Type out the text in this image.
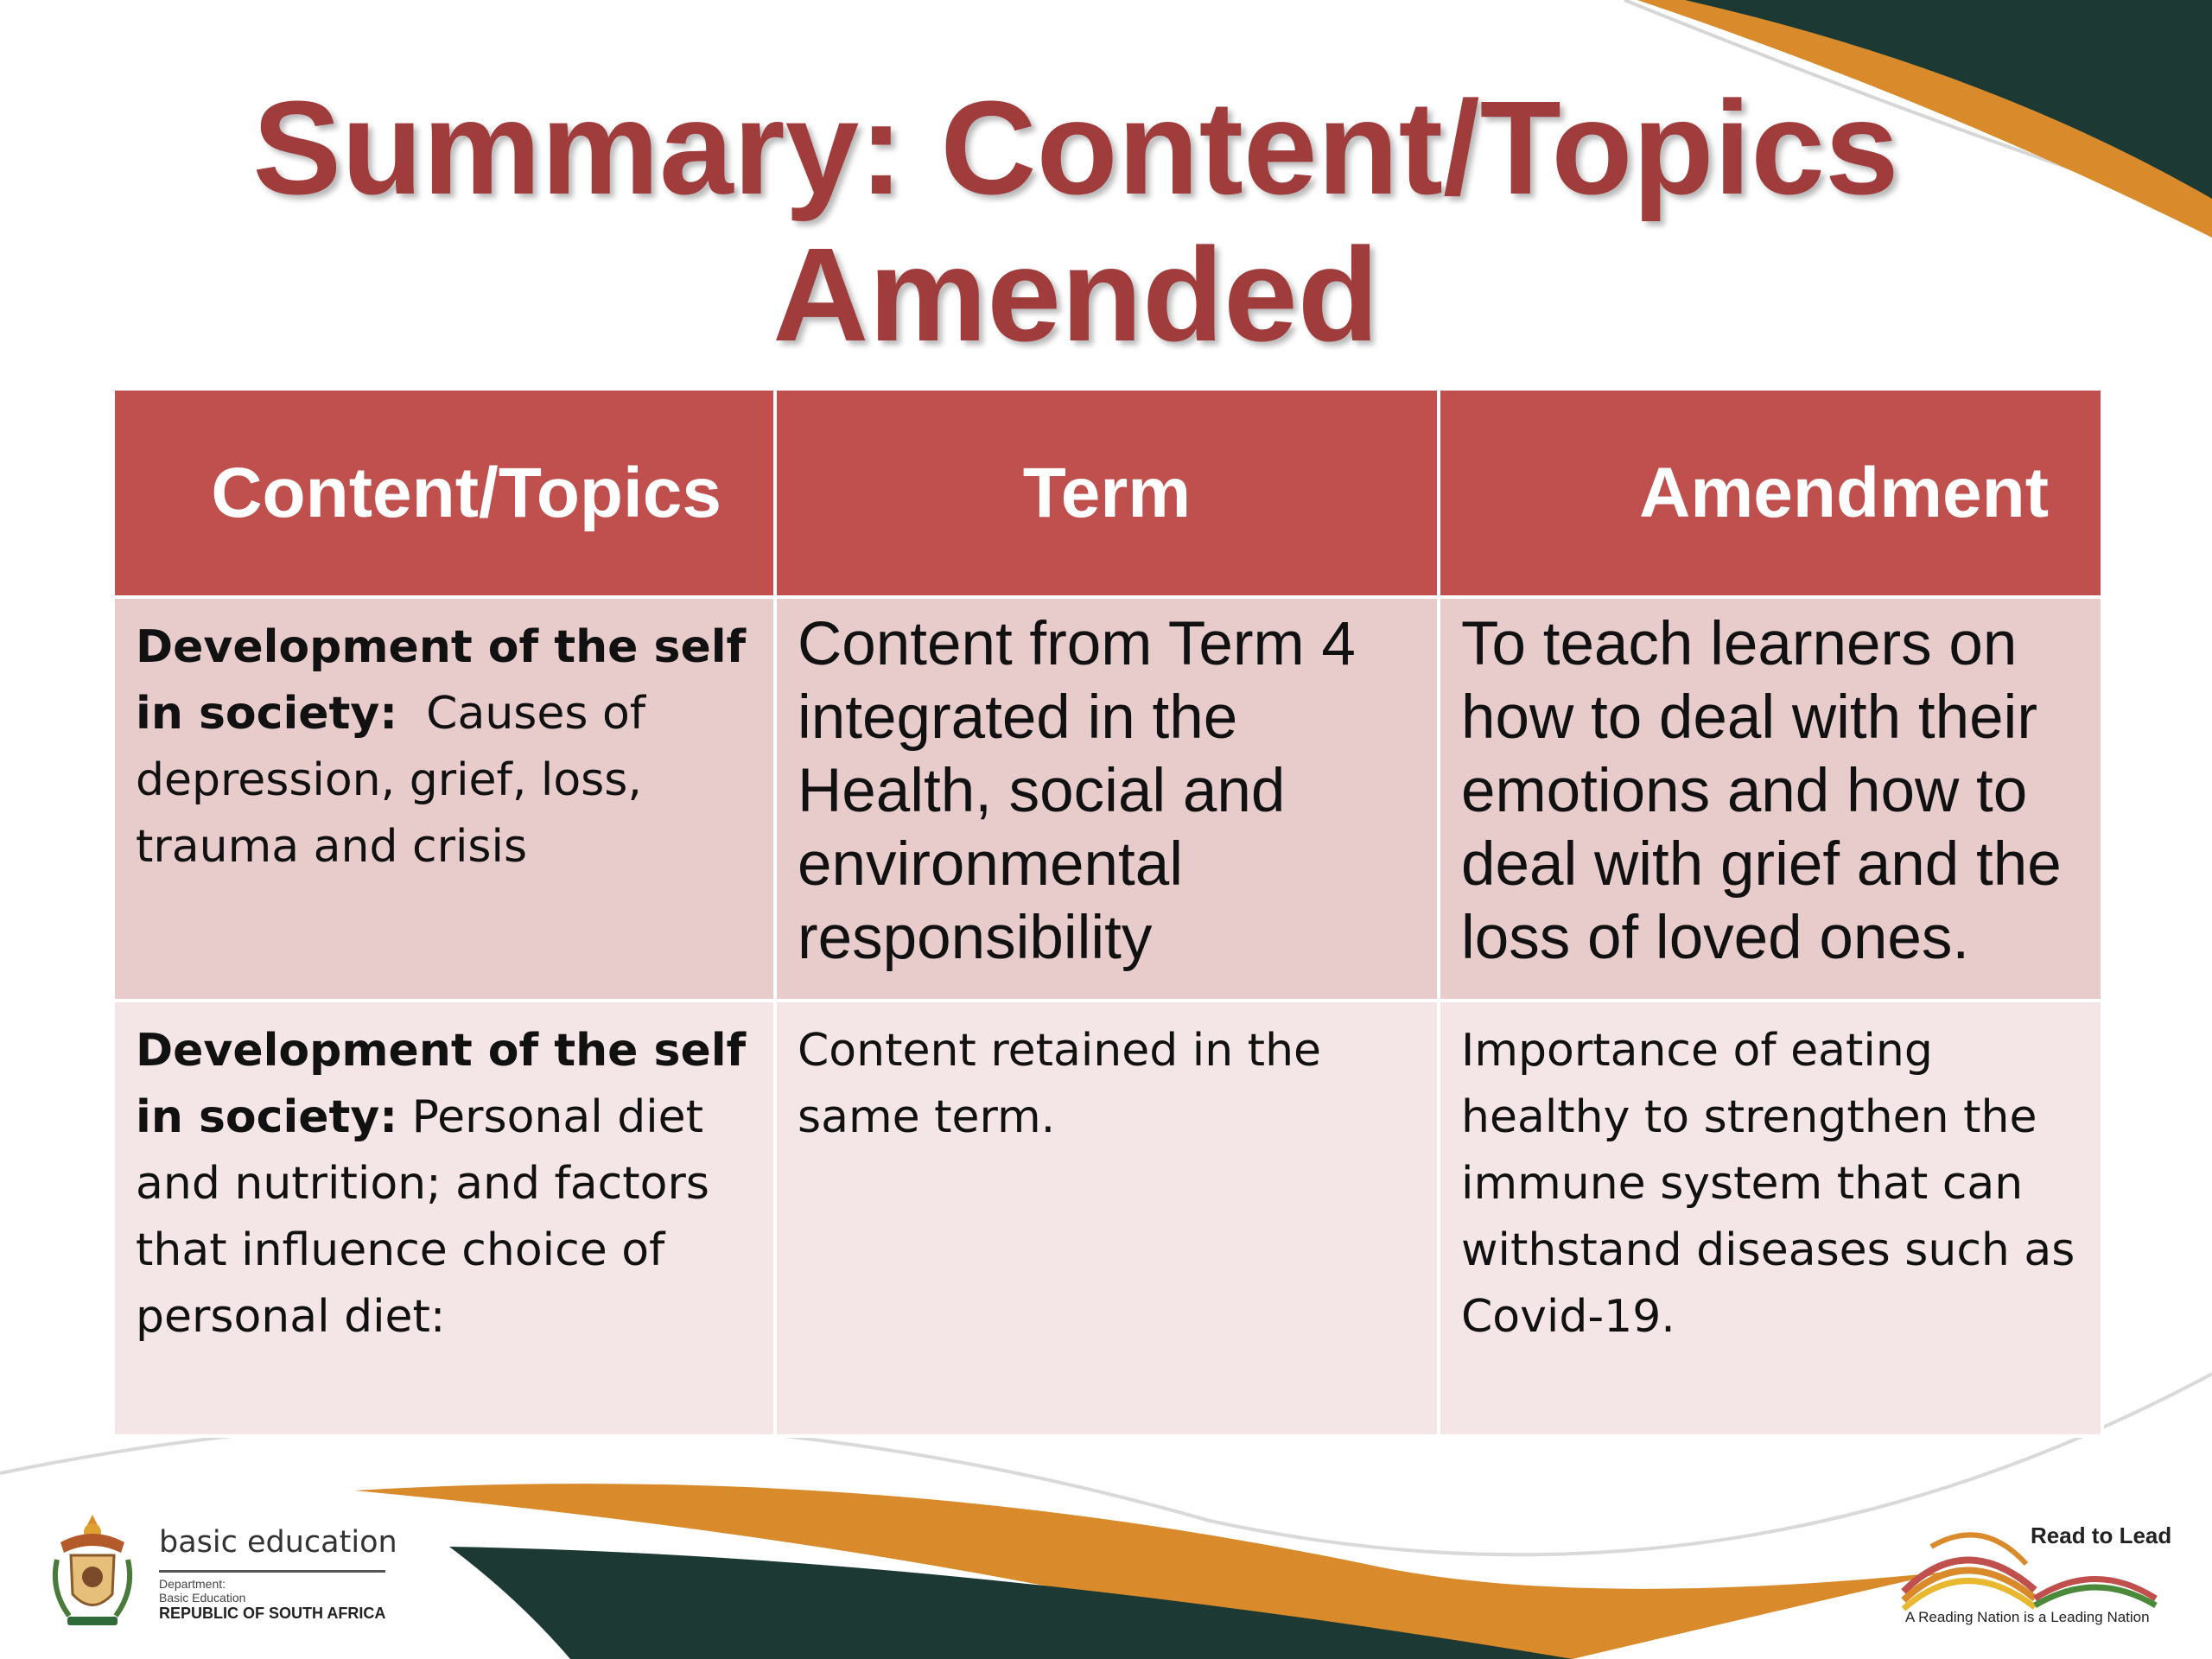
Summary: Content/Topics
Amended
Content/Topics	Term	Amendment
Development of the self in society: Causes of depression, grief, loss, trauma and crisis	Content from Term 4 integrated in the Health, social and environmental responsibility	To teach learners on how to deal with their emotions and how to deal with grief and the loss of loved ones.
Development of the self in society: Personal diet and nutrition; and factors that influence choice of personal diet:	Content retained in the same term.	Importance of eating healthy to strengthen the immune system that can withstand diseases such as Covid-19.
basic education
Department:
Basic Education
REPUBLIC OF SOUTH AFRICA
Read to Lead
A Reading Nation is a Leading Nation
